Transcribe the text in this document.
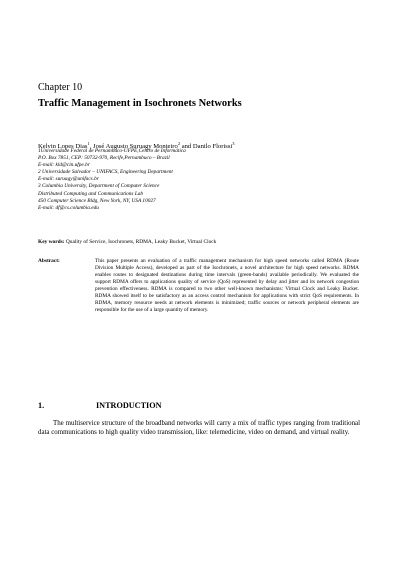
Chapter 10
Traffic Management in Isochronets Networks
Kelvin Lopes Dias$^1$, José Augusto Suruagy Monteiro$^2$ and Danilo Florissi$^3$
1Universidade Federal de Pernambuco-UFPE,Centro de Informática
P.O. Box 7851, CEP: 50732-970, Recife,Pernambuco – Brazil
E-mail: kld@cin.ufpe.br
2 Universidade Salvador – UNIFACS, Engineering Department
E-mail: suruagy@unifacs.br
3 Columbia University, Department of Computer Science
Distributed Computing and Communications Lab
450 Computer Science Bldg, New York, NY, USA 10027
E-mail: df@cs.columbia.edu
Key words: Quality of Service, Isochronets, RDMA, Leaky Bucket, Virtual Clock
Abstract:	This paper presents an evaluation of a traffic management mechanism for high speed networks called RDMA (Route Division Multiple Access), developed as part of the Isochronets, a novel architecture for high speed networks. RDMA enables routes to designated destinations during time intervals (green-bands) available periodically. We evaluated the support RDMA offers to applications quality of service (QoS) represented by delay and jitter and its network congestion prevention effectiveness. RDMA is compared to two other well-known mechanisms: Virtual Clock and Leaky Bucket. RDMA showed itself to be satisfactory as an access control mechanism for applications with strict QoS requirements. In RDMA, memory resource needs at network elements is minimized; traffic sources or network peripheral elements are responsible for the use of a large quantity of memory.
1.	INTRODUCTION
The multiservice structure of the broadband networks will carry a mix of traffic types ranging from traditional data communications to high quality video transmission, like: telemedicine, video on demand, and virtual reality.
